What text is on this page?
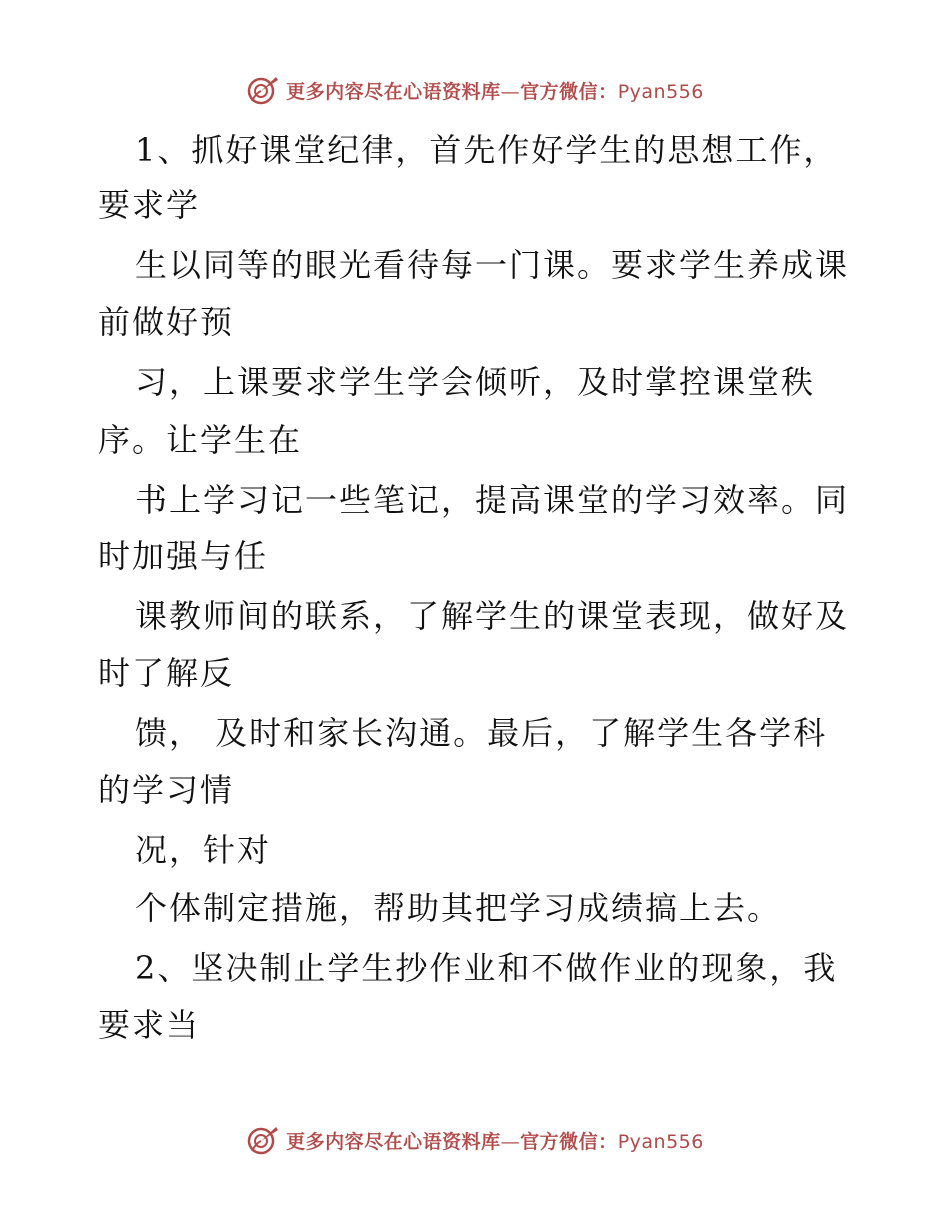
更多内容尽在心语资料库—官方微信：Pyan556
1、抓好课堂纪律，首先作好学生的思想工作，
要求学
生以同等的眼光看待每一门课。要求学生养成课
前做好预
习，上课要求学生学会倾听，及时掌控课堂秩
序。让学生在
书上学习记一些笔记，提高课堂的学习效率。同
时加强与任
课教师间的联系，了解学生的课堂表现，做好及
时了解反
馈， 及时和家长沟通。最后，了解学生各学科
的学习情
况，针对
个体制定措施，帮助其把学习成绩搞上去。
2、坚决制止学生抄作业和不做作业的现象，我
要求当
更多内容尽在心语资料库—官方微信：Pyan556
